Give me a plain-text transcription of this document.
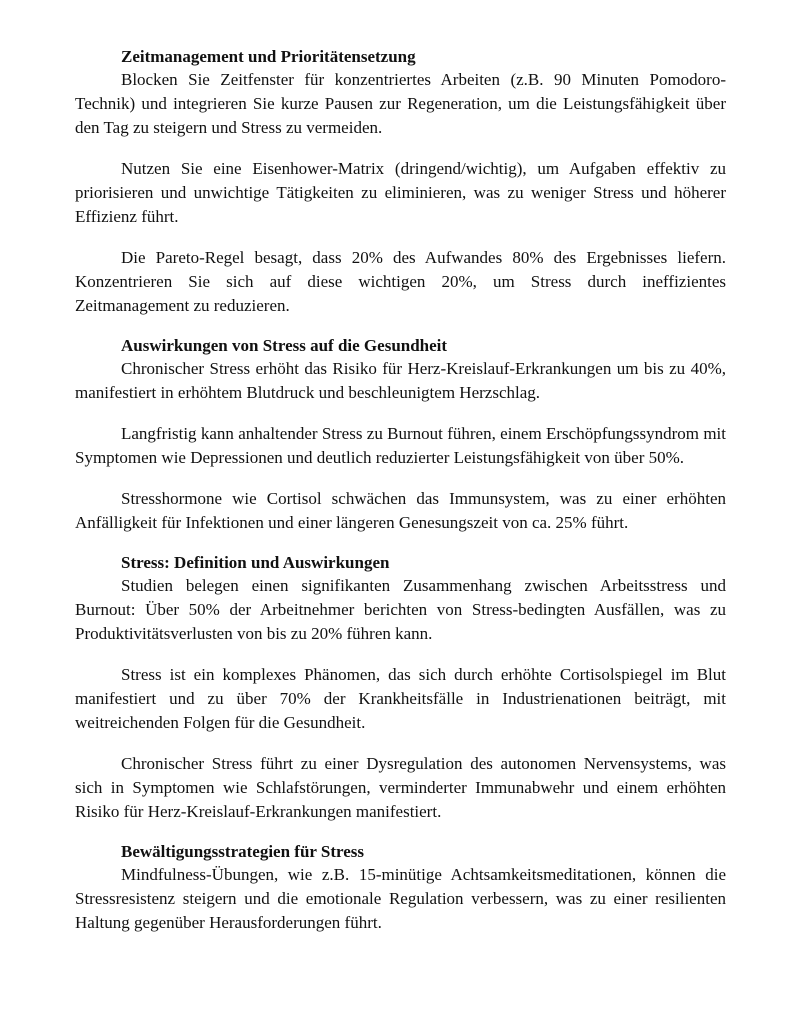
Zeitmanagement und Prioritätensetzung

Blocken Sie Zeitfenster für konzentriertes Arbeiten (z.B. 90 Minuten Pomodoro-Technik) und integrieren Sie kurze Pausen zur Regeneration, um die Leistungsfähigkeit über den Tag zu steigern und Stress zu vermeiden.

Nutzen Sie eine Eisenhower-Matrix (dringend/wichtig), um Aufgaben effektiv zu priorisieren und unwichtige Tätigkeiten zu eliminieren, was zu weniger Stress und höherer Effizienz führt.

Die Pareto-Regel besagt, dass 20% des Aufwandes 80% des Ergebnisses liefern. Konzentrieren Sie sich auf diese wichtigen 20%, um Stress durch ineffizientes Zeitmanagement zu reduzieren.

Auswirkungen von Stress auf die Gesundheit

Chronischer Stress erhöht das Risiko für Herz-Kreislauf-Erkrankungen um bis zu 40%, manifestiert in erhöhtem Blutdruck und beschleunigtem Herzschlag.

Langfristig kann anhaltender Stress zu Burnout führen, einem Erschöpfungssyndrom mit Symptomen wie Depressionen und deutlich reduzierter Leistungsfähigkeit von über 50%.

Stresshormone wie Cortisol schwächen das Immunsystem, was zu einer erhöhten Anfälligkeit für Infektionen und einer längeren Genesungszeit von ca. 25% führt.

Stress: Definition und Auswirkungen

Studien belegen einen signifikanten Zusammenhang zwischen Arbeitsstress und Burnout: Über 50% der Arbeitnehmer berichten von Stress-bedingten Ausfällen, was zu Produktivitätsverlusten von bis zu 20% führen kann.

Stress ist ein komplexes Phänomen, das sich durch erhöhte Cortisolspiegel im Blut manifestiert und zu über 70% der Krankheitsfälle in Industrienationen beiträgt, mit weitreichenden Folgen für die Gesundheit.

Chronischer Stress führt zu einer Dysregulation des autonomen Nervensystems, was sich in Symptomen wie Schlafstörungen, verminderter Immunabwehr und einem erhöhten Risiko für Herz-Kreislauf-Erkrankungen manifestiert.

Bewältigungsstrategien für Stress

Mindfulness-Übungen, wie z.B. 15-minütige Achtsamkeitsmeditationen, können die Stressresistenz steigern und die emotionale Regulation verbessern, was zu einer resilienten Haltung gegenüber Herausforderungen führt.
